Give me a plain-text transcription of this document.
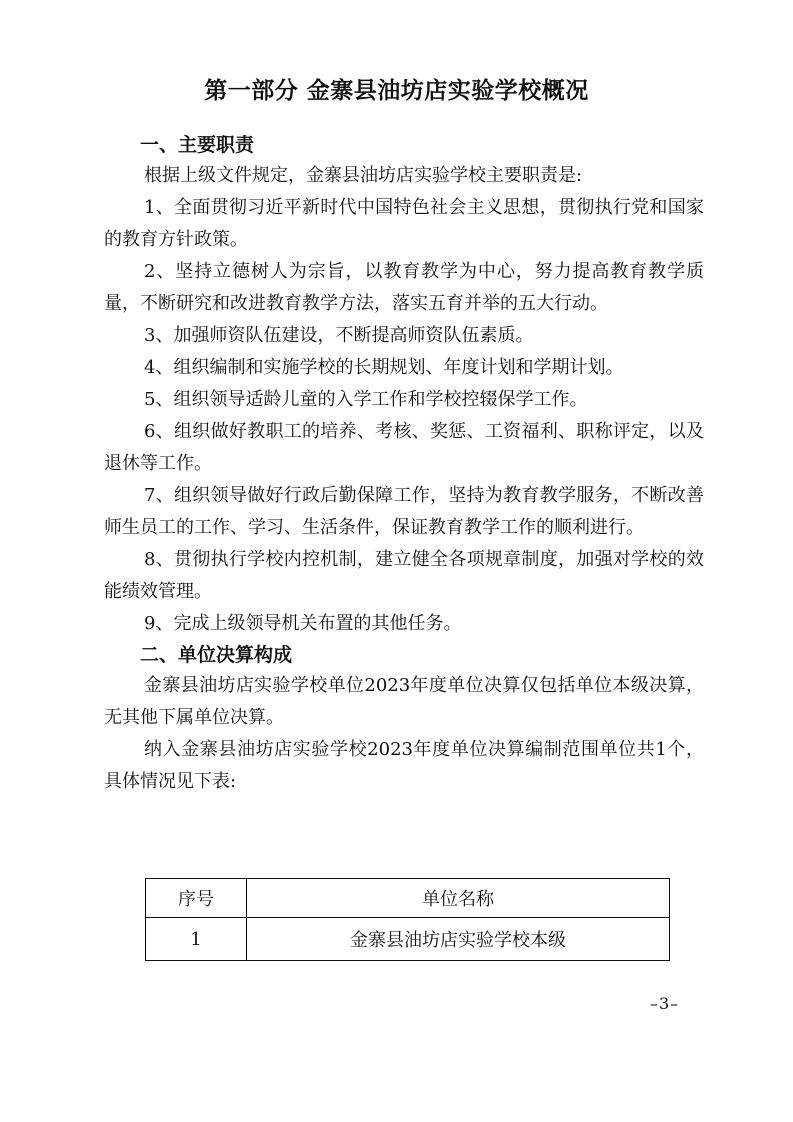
第一部分 金寨县油坊店实验学校概况
一、主要职责

根据上级文件规定，金寨县油坊店实验学校主要职责是:

1、全面贯彻习近平新时代中国特色社会主义思想，贯彻执行党和国家的教育方针政策。

2、坚持立德树人为宗旨，以教育教学为中心，努力提高教育教学质量，不断研究和改进教育教学方法，落实五育并举的五大行动。

3、加强师资队伍建设，不断提高师资队伍素质。

4、组织编制和实施学校的长期规划、年度计划和学期计划。

5、组织领导适龄儿童的入学工作和学校控辍保学工作。

6、组织做好教职工的培养、考核、奖惩、工资福利、职称评定，以及退休等工作。

7、组织领导做好行政后勤保障工作，坚持为教育教学服务，不断改善师生员工的工作、学习、生活条件，保证教育教学工作的顺利进行。

8、贯彻执行学校内控机制，建立健全各项规章制度，加强对学校的效能绩效管理。

9、完成上级领导机关布置的其他任务。

二、单位决算构成

金寨县油坊店实验学校单位2023年度单位决算仅包括单位本级决算，无其他下属单位决算。

纳入金寨县油坊店实验学校2023年度单位决算编制范围单位共1个，具体情况见下表:

序号	单位名称
1	金寨县油坊店实验学校本级
–3–
